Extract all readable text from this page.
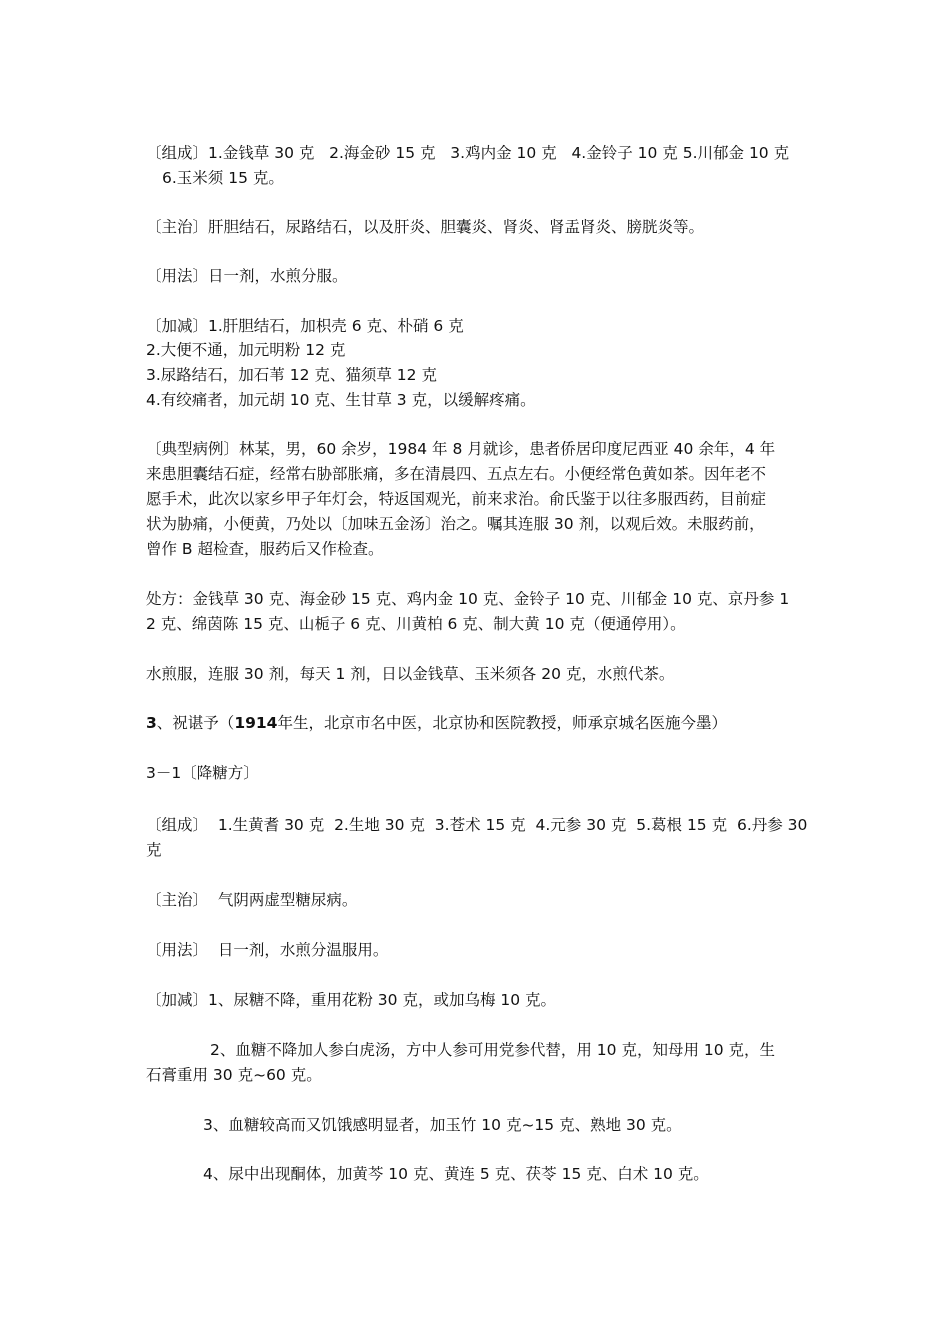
〔组成〕1.金钱草 30 克   2.海金砂 15 克   3.鸡内金 10 克   4.金铃子 10 克 5.川郁金 10 克
6.玉米须 15 克。
〔主治〕肝胆结石，尿路结石，以及肝炎、胆囊炎、肾炎、肾盂肾炎、膀胱炎等。
〔用法〕日一剂，水煎分服。
〔加减〕1.肝胆结石，加枳壳 6 克、朴硝 6 克
2.大便不通，加元明粉 12 克
3.尿路结石，加石苇 12 克、猫须草 12 克
4.有绞痛者，加元胡 10 克、生甘草 3 克，以缓解疼痛。
〔典型病例〕林某，男，60 余岁，1984 年 8 月就诊，患者侨居印度尼西亚 40 余年，4 年
来患胆囊结石症，经常右胁部胀痛，多在清晨四、五点左右。小便经常色黄如茶。因年老不
愿手术，此次以家乡甲子年灯会，特返国观光，前来求治。俞氏鉴于以往多服西药，目前症
状为胁痛，小便黄，乃处以〔加味五金汤〕治之。嘱其连服 30 剂，以观后效。未服药前，
曾作 B 超检查，服药后又作检查。
处方：金钱草 30 克、海金砂 15 克、鸡内金 10 克、金铃子 10 克、川郁金 10 克、京丹参 1
2 克、绵茵陈 15 克、山栀子 6 克、川黄柏 6 克、制大黄 10 克（便通停用）。
水煎服，连服 30 剂，每天 1 剂，日以金钱草、玉米须各 20 克，水煎代茶。
3、祝谌予（1914年生，北京市名中医，北京协和医院教授，师承京城名医施今墨）
3－1〔降糖方〕
〔组成〕  1.生黄耆 30 克  2.生地 30 克  3.苍术 15 克  4.元参 30 克  5.葛根 15 克  6.丹参 30
克
〔主治〕  气阴两虚型糖尿病。
〔用法〕  日一剂，水煎分温服用。
〔加减〕1、尿糖不降，重用花粉 30 克，或加乌梅 10 克。
2、血糖不降加人参白虎汤，方中人参可用党参代替，用 10 克，知母用 10 克，生
石膏重用 30 克~60 克。
3、血糖较高而又饥饿感明显者，加玉竹 10 克~15 克、熟地 30 克。
4、尿中出现酮体，加黄芩 10 克、黄连 5 克、茯苓 15 克、白术 10 克。
